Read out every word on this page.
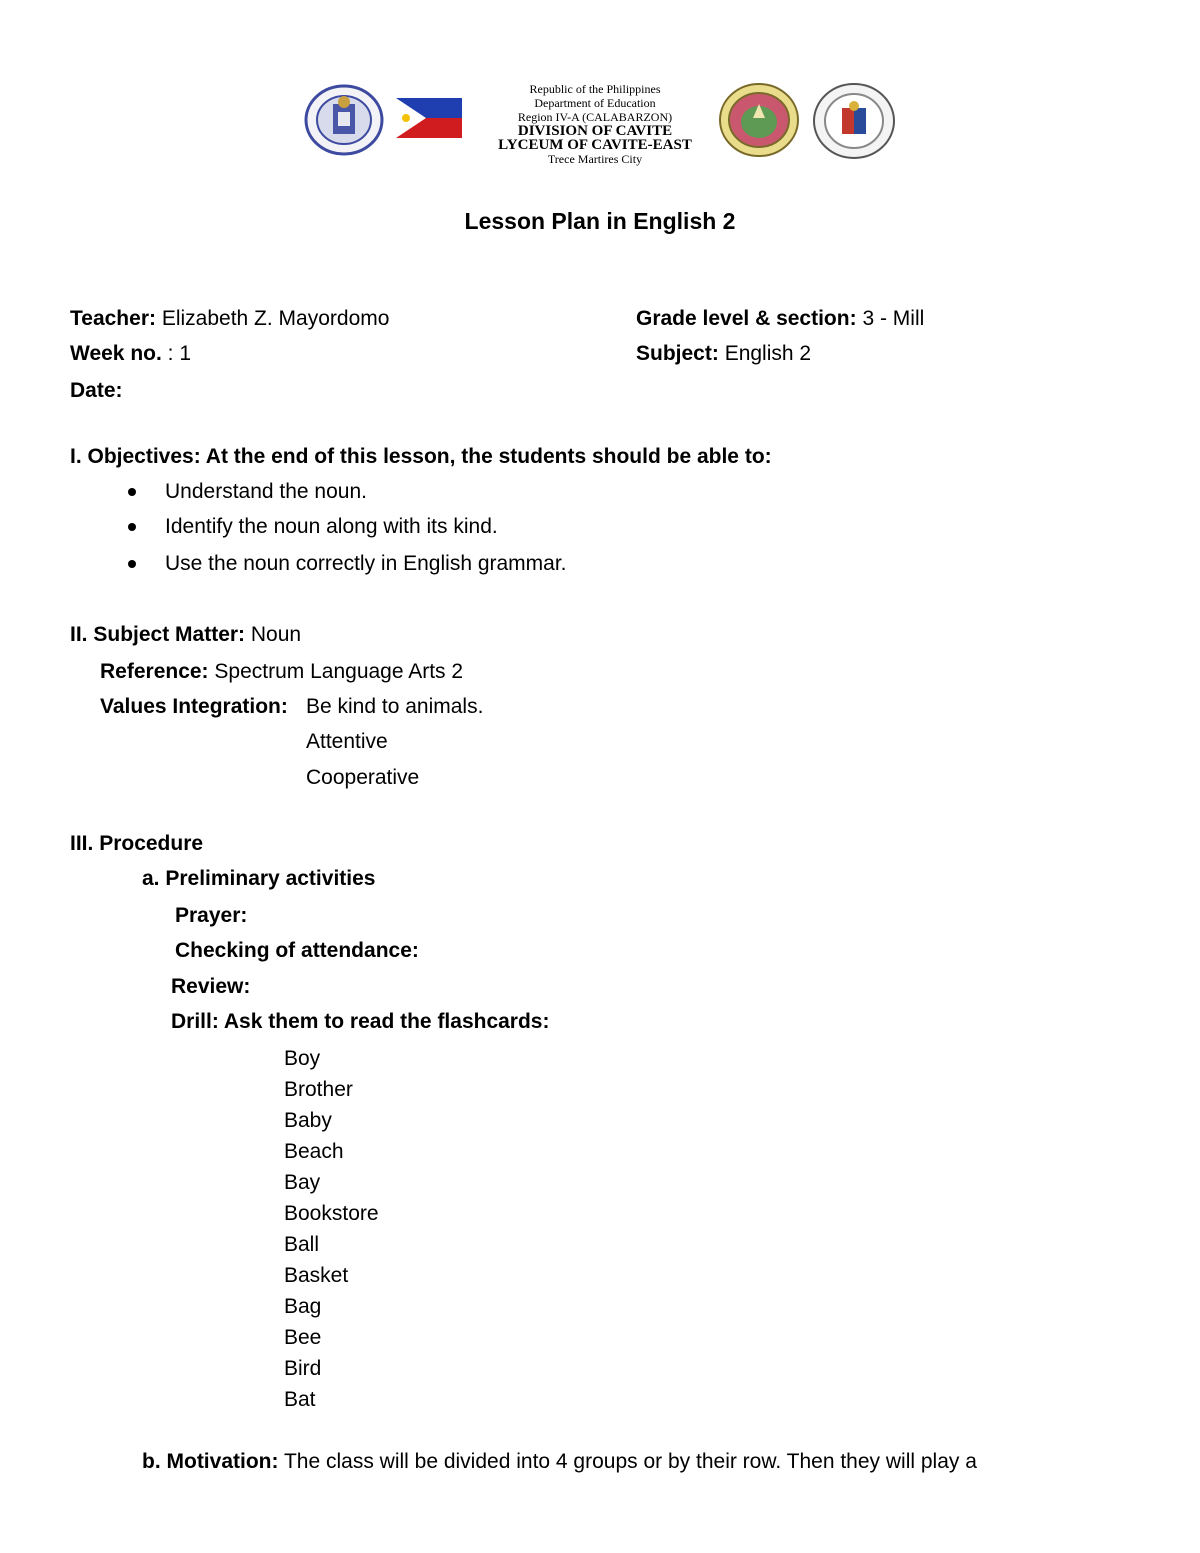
Republic of the Philippines
Department of Education
Region IV-A (CALABARZON)
DIVISION OF CAVITE
LYCEUM OF CAVITE-EAST
Trece Martires City
Lesson Plan in English 2
Teacher: Elizabeth Z. Mayordomo	Grade level & section: 3 - Mill
Week no. : 1	Subject: English 2
Date:
I. Objectives: At the end of this lesson, the students should be able to:
Understand the noun.
Identify the noun along with its kind.
Use the noun correctly in English grammar.
II. Subject Matter: Noun
Reference: Spectrum Language Arts 2
Values Integration: Be kind to animals.
Attentive
Cooperative
III. Procedure
a. Preliminary activities
Prayer:
Checking of attendance:
Review:
Drill: Ask them to read the flashcards:
Boy
Brother
Baby
Beach
Bay
Bookstore
Ball
Basket
Bag
Bee
Bird
Bat
b. Motivation: The class will be divided into 4 groups or by their row. Then they will play a
